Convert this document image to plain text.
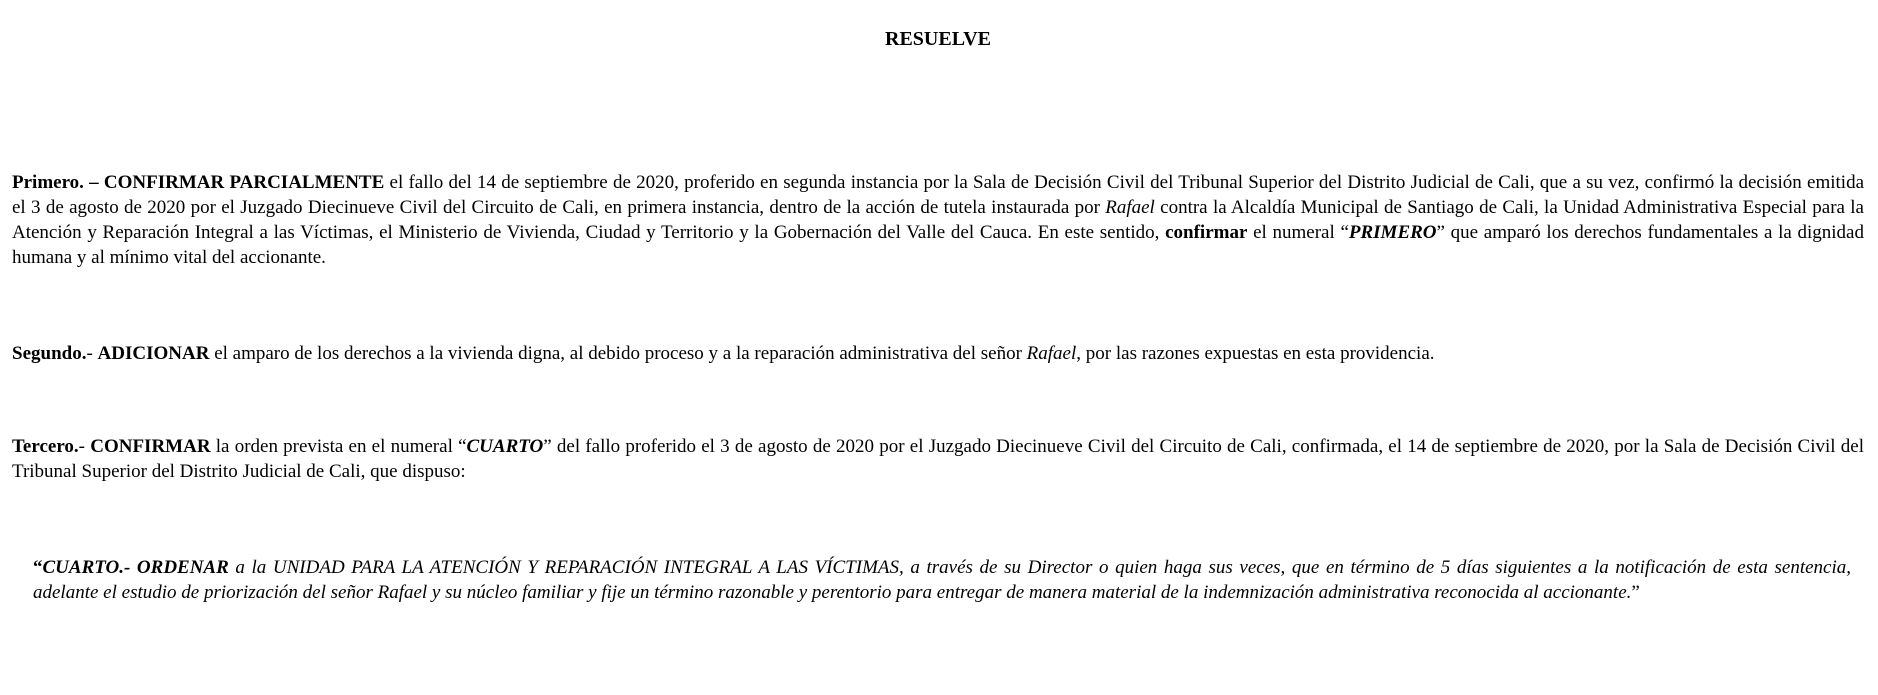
RESUELVE

Primero. – CONFIRMAR PARCIALMENTE el fallo del 14 de septiembre de 2020, proferido en segunda instancia por la Sala de Decisión Civil del Tribunal Superior del Distrito Judicial de Cali, que a su vez, confirmó la decisión emitida el 3 de agosto de 2020 por el Juzgado Diecinueve Civil del Circuito de Cali, en primera instancia, dentro de la acción de tutela instaurada por Rafael contra la Alcaldía Municipal de Santiago de Cali, la Unidad Administrativa Especial para la Atención y Reparación Integral a las Víctimas, el Ministerio de Vivienda, Ciudad y Territorio y la Gobernación del Valle del Cauca. En este sentido, confirmar el numeral “PRIMERO” que amparó los derechos fundamentales a la dignidad humana y al mínimo vital del accionante.

Segundo.- ADICIONAR el amparo de los derechos a la vivienda digna, al debido proceso y a la reparación administrativa del señor Rafael, por las razones expuestas en esta providencia.

Tercero.- CONFIRMAR la orden prevista en el numeral “CUARTO” del fallo proferido el 3 de agosto de 2020 por el Juzgado Diecinueve Civil del Circuito de Cali, confirmada, el 14 de septiembre de 2020, por la Sala de Decisión Civil del Tribunal Superior del Distrito Judicial de Cali, que dispuso:

“CUARTO.- ORDENAR a la UNIDAD PARA LA ATENCIÓN Y REPARACIÓN INTEGRAL A LAS VÍCTIMAS, a través de su Director o quien haga sus veces, que en término de 5 días siguientes a la notificación de esta sentencia, adelante el estudio de priorización del señor Rafael y su núcleo familiar y fije un término razonable y perentorio para entregar de manera material de la indemnización administrativa reconocida al accionante.”
